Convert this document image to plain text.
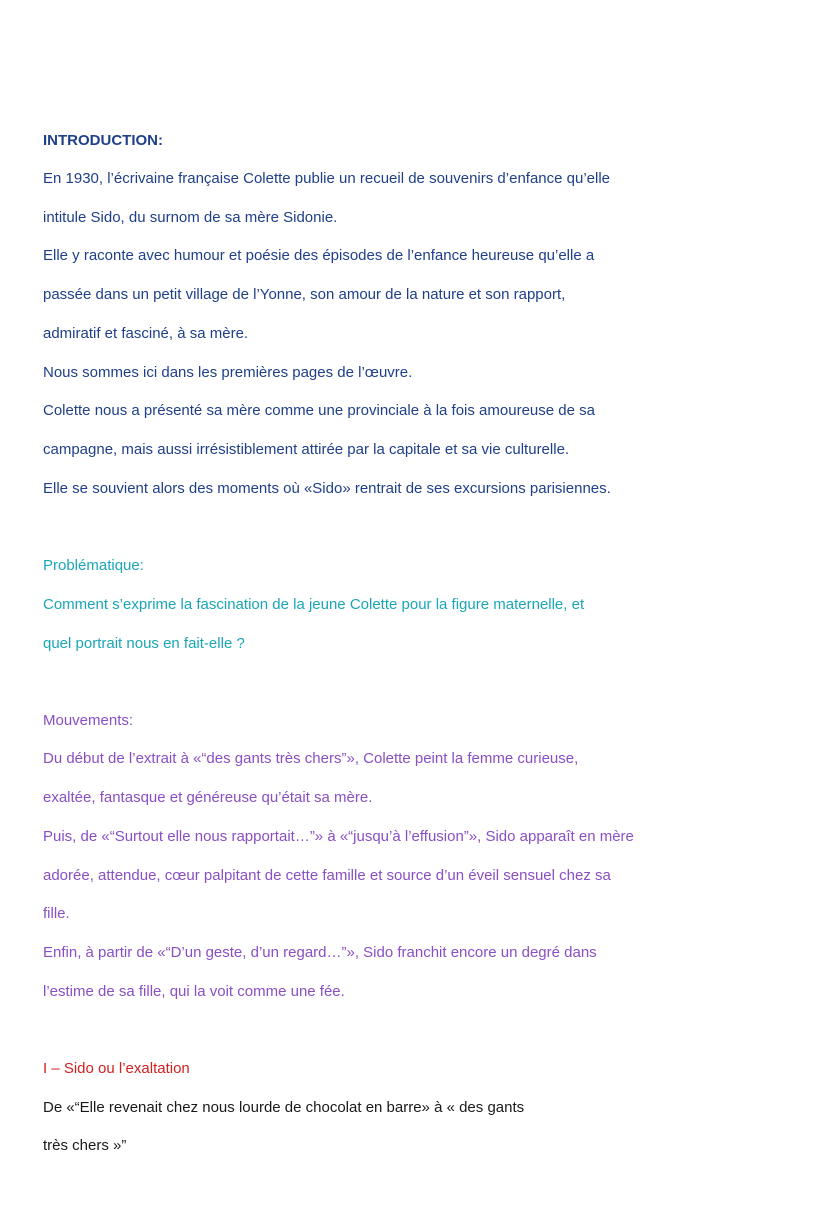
INTRODUCTION:
En 1930, l’écrivaine française Colette publie un recueil de souvenirs d’enfance qu’elle
intitule Sido, du surnom de sa mère Sidonie.
Elle y raconte avec humour et poésie des épisodes de l’enfance heureuse qu’elle a
passée dans un petit village de l’Yonne, son amour de la nature et son rapport,
admiratif et fasciné, à sa mère.
Nous sommes ici dans les premières pages de l’œuvre.
Colette nous a présenté sa mère comme une provinciale à la fois amoureuse de sa
campagne, mais aussi irrésistiblement attirée par la capitale et sa vie culturelle.
Elle se souvient alors des moments où «Sido» rentrait de ses excursions parisiennes.
Problématique:
Comment s’exprime la fascination de la jeune Colette pour la figure maternelle, et
quel portrait nous en fait-elle ?
Mouvements:
Du début de l’extrait à «“des gants très chers”», Colette peint la femme curieuse,
exaltée, fantasque et généreuse qu’était sa mère.
Puis, de «“Surtout elle nous rapportait…”» à «“jusqu’à l’effusion”», Sido apparaît en mère
adorée, attendue, cœur palpitant de cette famille et source d’un éveil sensuel chez sa
fille.
Enfin, à partir de «“D’un geste, d’un regard…”», Sido franchit encore un degré dans
l’estime de sa fille, qui la voit comme une fée.
I – Sido ou l’exaltation
De «“Elle revenait chez nous lourde de chocolat en barre» à « des gants
très chers »”
